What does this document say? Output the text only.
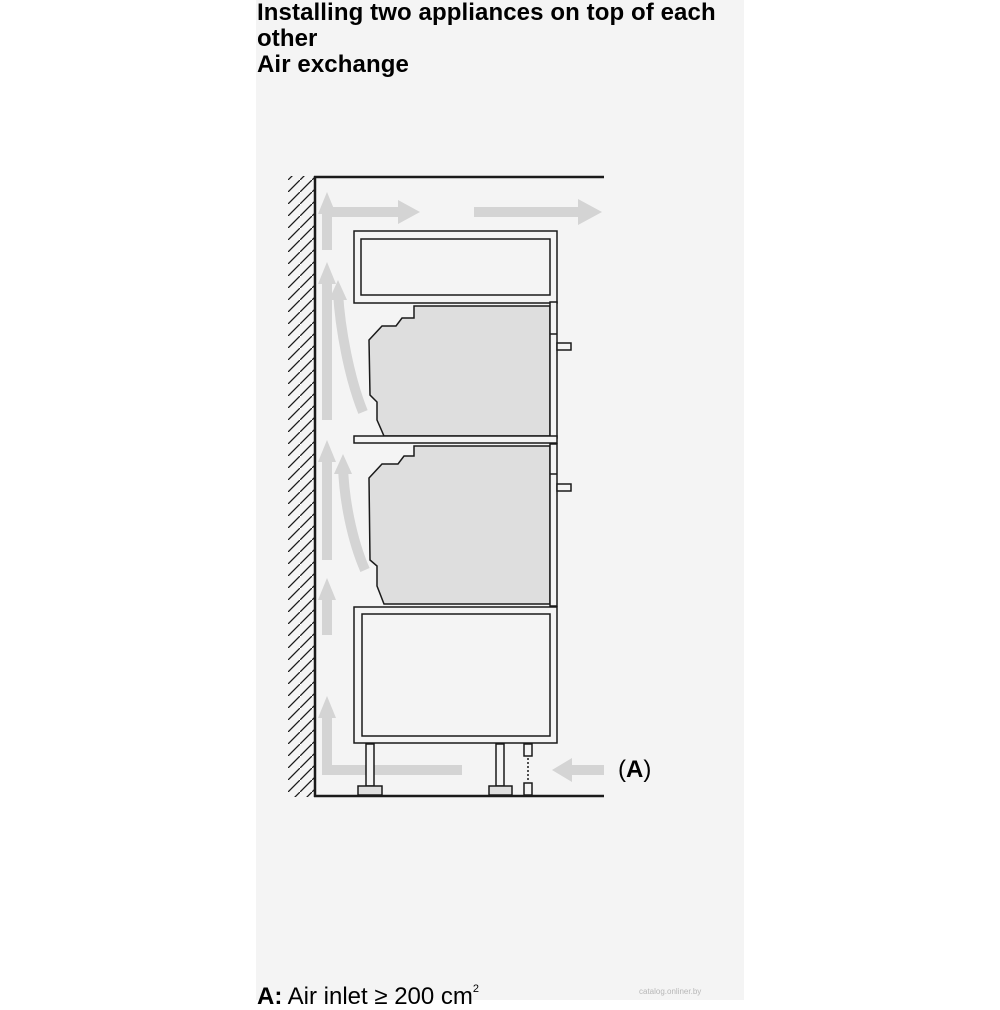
Installing two appliances on top of each
other
Air exchange
(A)
A: Air inlet ≥ 200 $cm^2$	catalog.onliner.by
